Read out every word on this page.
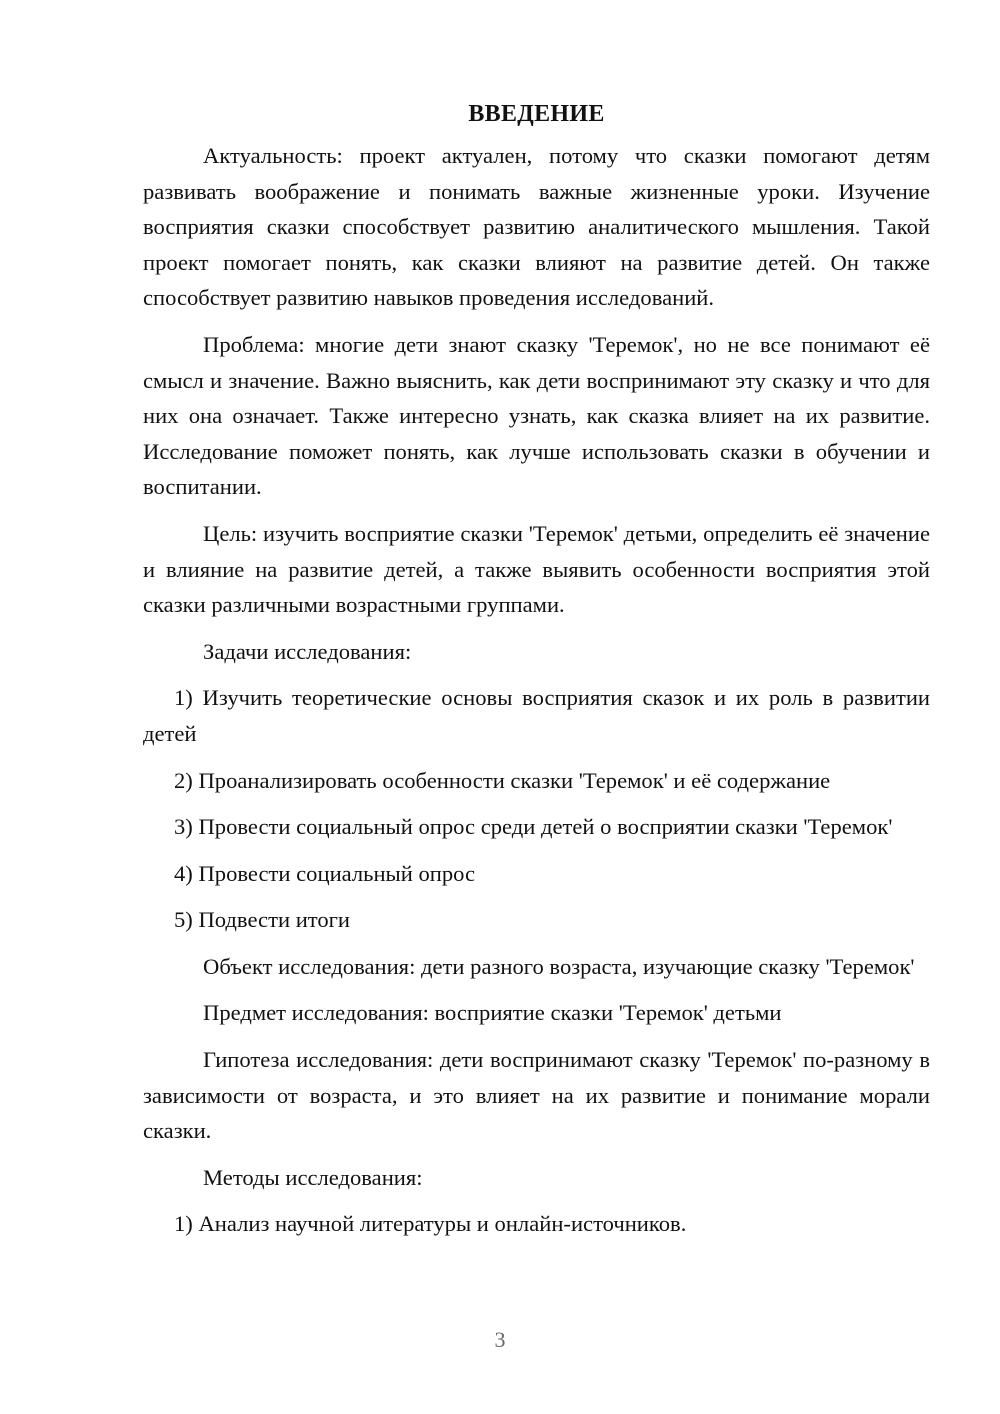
ВВЕДЕНИЕ

Актуальность: проект актуален, потому что сказки помогают детям развивать воображение и понимать важные жизненные уроки. Изучение восприятия сказки способствует развитию аналитического мышления. Такой проект помогает понять, как сказки влияют на развитие детей. Он также способствует развитию навыков проведения исследований.

Проблема: многие дети знают сказку 'Теремок', но не все понимают её смысл и значение. Важно выяснить, как дети воспринимают эту сказку и что для них она означает. Также интересно узнать, как сказка влияет на их развитие. Исследование поможет понять, как лучше использовать сказки в обучении и воспитании.

Цель: изучить восприятие сказки 'Теремок' детьми, определить её значение и влияние на развитие детей, а также выявить особенности восприятия этой сказки различными возрастными группами.

Задачи исследования:

1) Изучить теоретические основы восприятия сказок и их роль в развитии детей

2) Проанализировать особенности сказки 'Теремок' и её содержание

3) Провести социальный опрос среди детей о восприятии сказки 'Теремок'

4) Провести социальный опрос

5) Подвести итоги

Объект исследования: дети разного возраста, изучающие сказку 'Теремок'

Предмет исследования: восприятие сказки 'Теремок' детьми

Гипотеза исследования: дети воспринимают сказку 'Теремок' по-разному в зависимости от возраста, и это влияет на их развитие и понимание морали сказки.

Методы исследования:

1) Анализ научной литературы и онлайн-источников.

3
